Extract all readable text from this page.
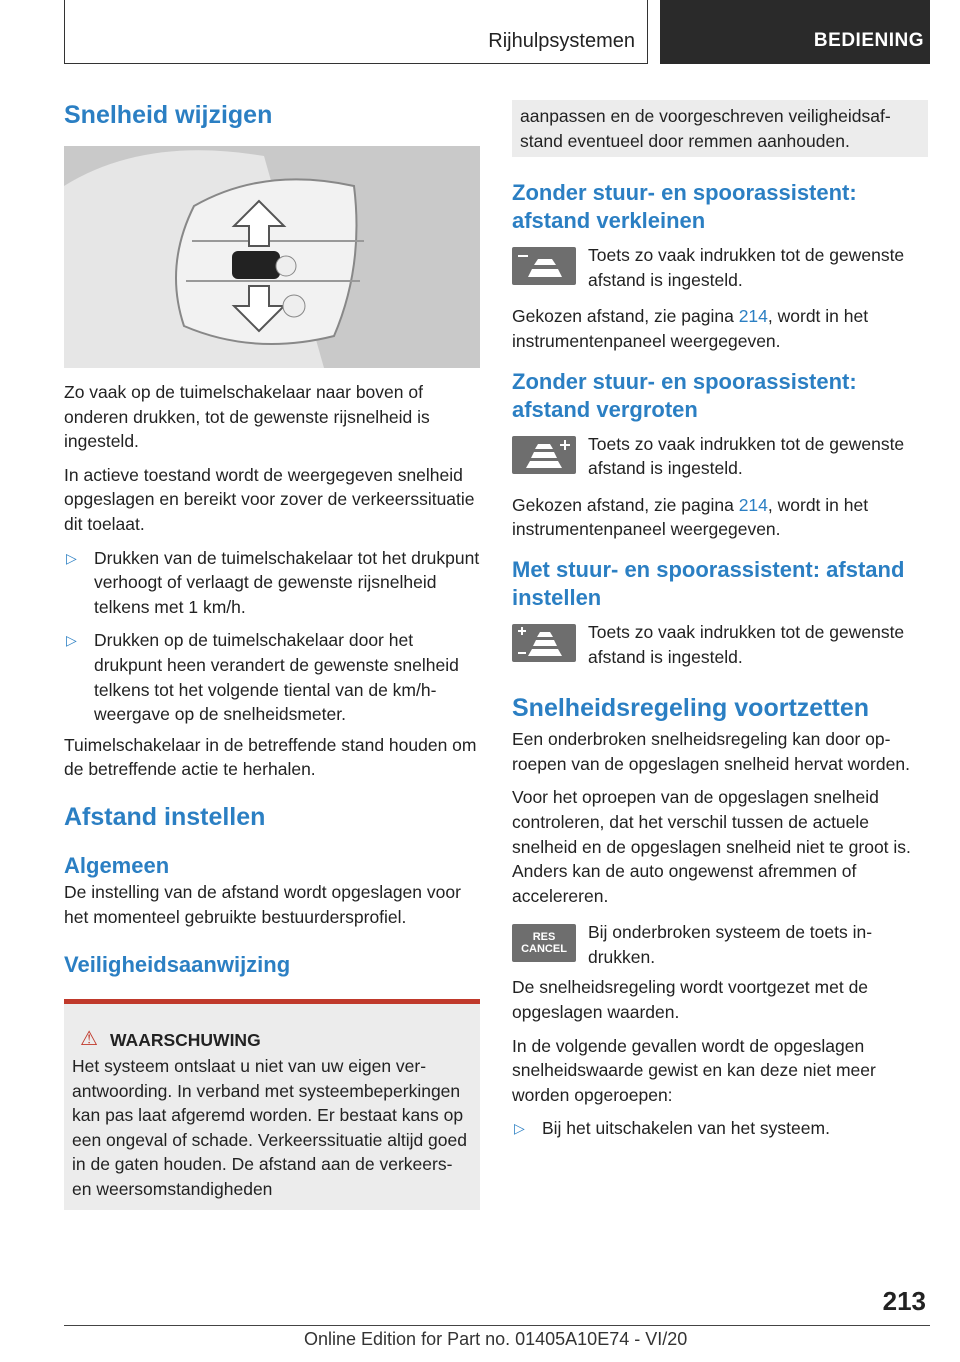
Rijhulpsystemen	BEDIENING
Snelheid wijzigen

Zo vaak op de tuimelschakelaar naar boven of onderen drukken, tot de gewenste rijsnelheid is ingesteld.

In actieve toestand wordt de weergegeven snelheid opgeslagen en bereikt voor zover de verkeerssituatie dit toelaat.

▷ Drukken van de tuimelschakelaar tot het drukpunt verhoogt of verlaagt de gewenste rijsnelheid telkens met 1 km/h.
▷ Drukken op de tuimelschakelaar door het drukpunt heen verandert de gewenste snelheid telkens tot het volgende tiental van de km/h-weergave op de snelheidsmeter.

Tuimelschakelaar in de betreffende stand houden om de betreffende actie te herhalen.

Afstand instellen
Algemeen

De instelling van de afstand wordt opgeslagen voor het momenteel gebruikte bestuurdersprofiel.

Veiligheidsaanwijzing
⚠ WAARSCHUWING

Het systeem ontslaat u niet van uw eigen verantwoording. In verband met systeembeperkingen kan pas laat afgeremd worden. Er bestaat kans op een ongeval of schade. Verkeerssituatie altijd goed in de gaten houden. De afstand aan de verkeers- en weersomstandigheden

aanpassen en de voorgeschreven veiligheidsafstand eventueel door remmen aanhouden.

Zonder stuur- en spoorassistent: afstand verkleinen

Toets zo vaak indrukken tot de gewenste afstand is ingesteld.

Gekozen afstand, zie pagina 214, wordt in het instrumentenpaneel weergegeven.

Zonder stuur- en spoorassistent: afstand vergroten

Toets zo vaak indrukken tot de gewenste afstand is ingesteld.

Gekozen afstand, zie pagina 214, wordt in het instrumentenpaneel weergegeven.

Met stuur- en spoorassistent: afstand instellen

Toets zo vaak indrukken tot de gewenste afstand is ingesteld.

Snelheidsregeling voortzetten

Een onderbroken snelheidsregeling kan door oproepen van de opgeslagen snelheid hervat worden.

Voor het oproepen van de opgeslagen snelheid controleren, dat het verschil tussen de actuele snelheid en de opgeslagen snelheid niet te groot is. Anders kan de auto ongewenst afremmen of accelereren.

RES
CANCEL

Bij onderbroken systeem de toets indrukken.

De snelheidsregeling wordt voortgezet met de opgeslagen waarden.

In de volgende gevallen wordt de opgeslagen snelheidswaarde gewist en kan deze niet meer worden opgeroepen:

▷ Bij het uitschakelen van het systeem.
213
Online Edition for Part no. 01405A10E74 - VI/20
